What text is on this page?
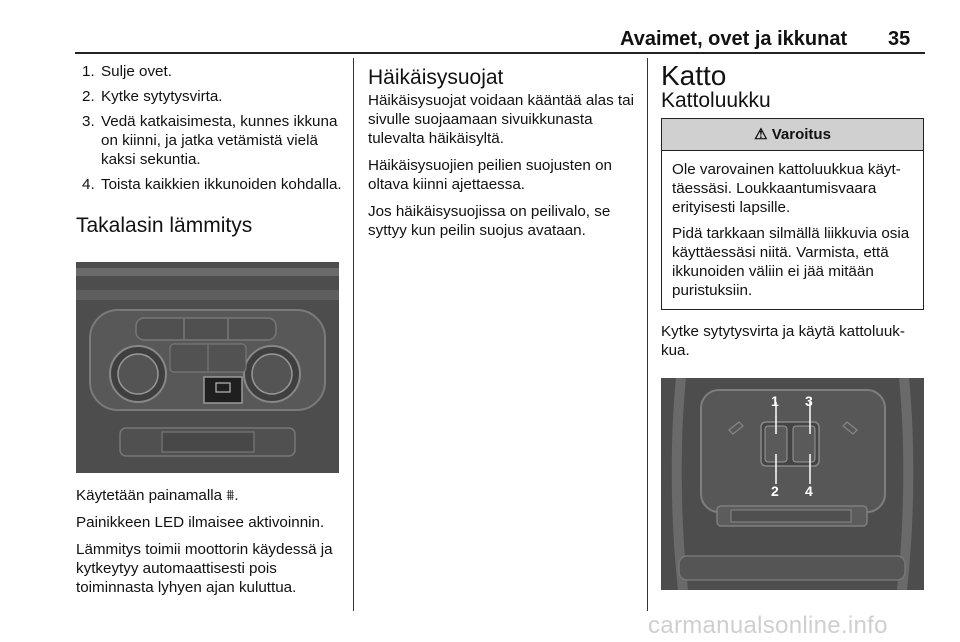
Avaimet, ovet ja ikkunat 35
1. Sulje ovet.
2. Kytke sytytysvirta.
3. Vedä katkaisimesta, kunnes ikkuna on kiinni, ja jatka vetämistä vielä kaksi sekuntia.
4. Toista kaikkien ikkunoiden kohdalla.
Takalasin lämmitys

Käytetään painamalla ⩩.

Painikkeen LED ilmaisee aktivoinnin.

Lämmitys toimii moottorin käydessä ja kytkeytyy automaattisesti pois toiminnasta lyhyen ajan kuluttua.

Häikäisysuojat

Häikäisysuojat voidaan kääntää alas tai sivulle suojaamaan sivuikkunasta tulevalta häikäisyltä.

Häikäisysuojien peilien suojusten on oltava kiinni ajettaessa.

Jos häikäisysuojissa on peilivalo, se syttyy kun peilin suojus avataan.

Katto
Kattoluukku
⚠ Varoitus

Ole varovainen kattoluukkua käyttäessäsi. Loukkaantumisvaara erityisesti lapsille.

Pidä tarkkaan silmällä liikkuvia osia käyttäessäsi niitä. Varmista, että ikkunoiden väliin ei jää mitään puristuksiin.

Kytke sytytysvirta ja käytä kattoluukkua.

1 3
2 4
carmanualsonline.info
